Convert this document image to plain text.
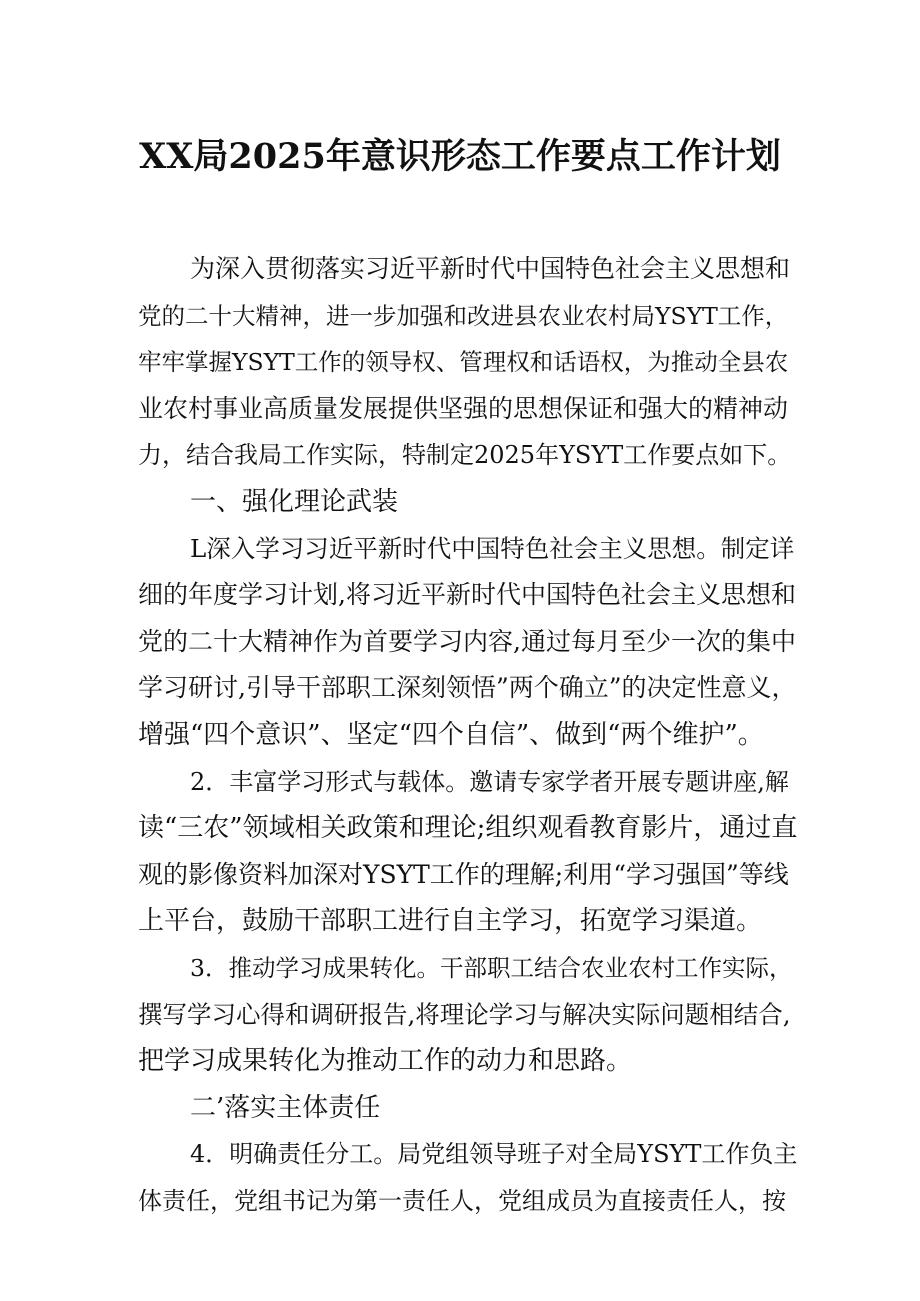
XX局2025年意识形态工作要点工作计划
为深入贯彻落实习近平新时代中国特色社会主义思想和
党的二十大精神，进一步加强和改进县农业农村局YSYT工作，
牢牢掌握YSYT工作的领导权、管理权和话语权，为推动全县农
业农村事业高质量发展提供坚强的思想保证和强大的精神动
力，结合我局工作实际，特制定2025年YSYT工作要点如下。
一、强化理论武装
L深入学习习近平新时代中国特色社会主义思想。制定详
细的年度学习计划,将习近平新时代中国特色社会主义思想和
党的二十大精神作为首要学习内容,通过每月至少一次的集中
学习研讨,引导干部职工深刻领悟”两个确立”的决定性意义，
增强“四个意识”、坚定“四个自信”、做到“两个维护”。
2．丰富学习形式与载体。邀请专家学者开展专题讲座,解
读“三农”领域相关政策和理论;组织观看教育影片，通过直
观的影像资料加深对YSYT工作的理解;利用“学习强国”等线
上平台，鼓励干部职工进行自主学习，拓宽学习渠道。
3．推动学习成果转化。干部职工结合农业农村工作实际，
撰写学习心得和调研报告,将理论学习与解决实际问题相结合,
把学习成果转化为推动工作的动力和思路。
二’落实主体责任
4．明确责任分工。局党组领导班子对全局YSYT工作负主
体责任，党组书记为第一责任人，党组成员为直接责任人，按
